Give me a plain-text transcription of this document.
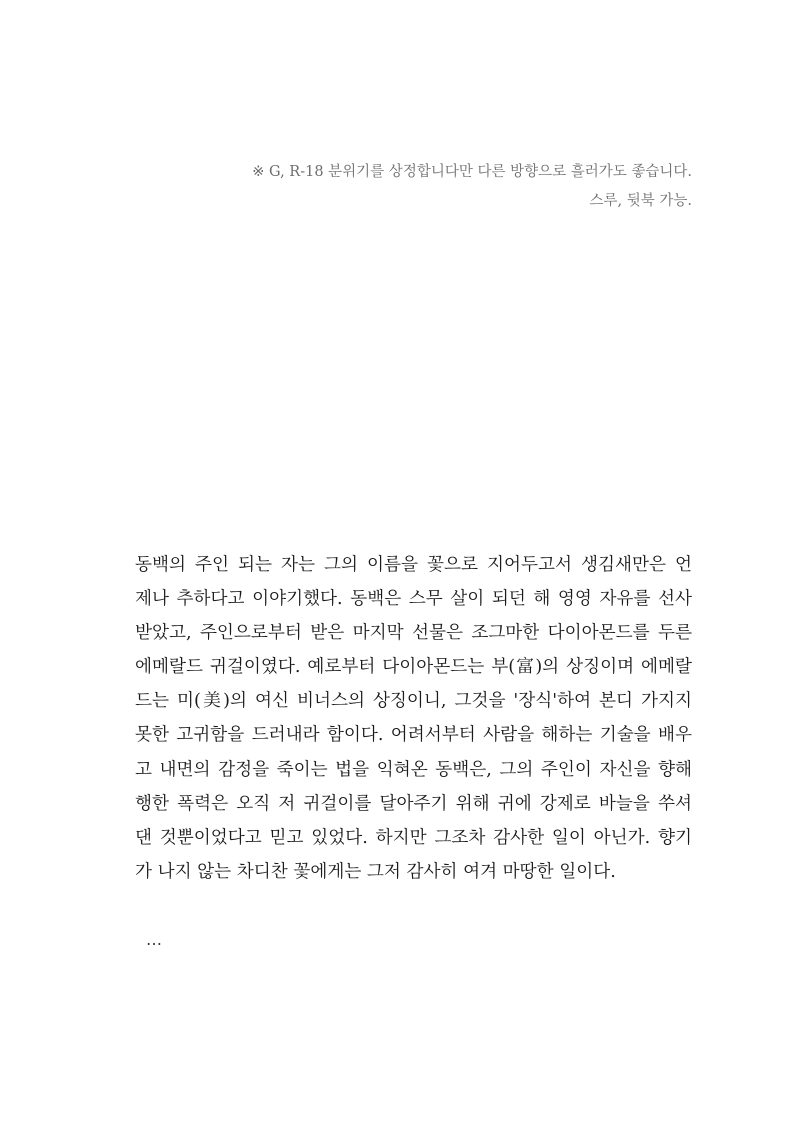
※ G, R-18 분위기를 상정합니다만 다른 방향으로 흘러가도 좋습니다.

스루, 뒷북 가능.

동백의 주인 되는 자는 그의 이름을 꽃으로 지어두고서 생김새만은 언
제나 추하다고 이야기했다. 동백은 스무 살이 되던 해 영영 자유를 선사
받았고, 주인으로부터 받은 마지막 선물은 조그마한 다이아몬드를 두른
에메랄드 귀걸이였다. 예로부터 다이아몬드는 부(富)의 상징이며 에메랄
드는 미(美)의 여신 비너스의 상징이니, 그것을 '장식'하여 본디 가지지
못한 고귀함을 드러내라 함이다. 어려서부터 사람을 해하는 기술을 배우
고 내면의 감정을 죽이는 법을 익혀온 동백은, 그의 주인이 자신을 향해
행한 폭력은 오직 저 귀걸이를 달아주기 위해 귀에 강제로 바늘을 쑤셔
댄 것뿐이었다고 믿고 있었다. 하지만 그조차 감사한 일이 아닌가. 향기
가 나지 않는 차디찬 꽃에게는 그저 감사히 여겨 마땅한 일이다.
…
